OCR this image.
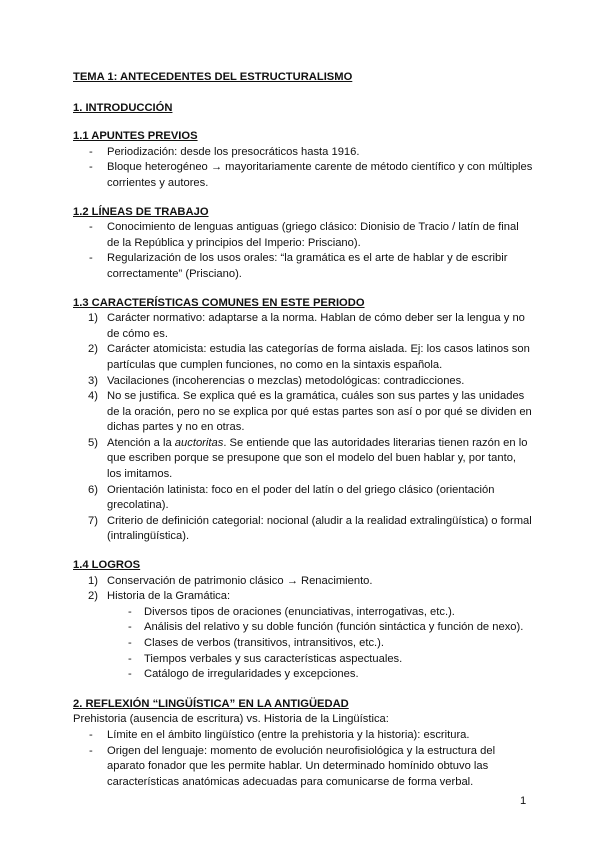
TEMA 1: ANTECEDENTES DEL ESTRUCTURALISMO
1. INTRODUCCIÓN
1.1 APUNTES PREVIOS
- Periodización: desde los presocráticos hasta 1916.
- Bloque heterogéneo → mayoritariamente carente de método científico y con múltiples corrientes y autores.
1.2 LÍNEAS DE TRABAJO
- Conocimiento de lenguas antiguas (griego clásico: Dionisio de Tracio / latín de final de la República y principios del Imperio: Prisciano).
- Regularización de los usos orales: “la gramática es el arte de hablar y de escribir correctamente” (Prisciano).
1.3 CARACTERÍSTICAS COMUNES EN ESTE PERIODO
1) Carácter normativo: adaptarse a la norma. Hablan de cómo deber ser la lengua y no de cómo es.
2) Carácter atomicista: estudia las categorías de forma aislada. Ej: los casos latinos son partículas que cumplen funciones, no como en la sintaxis española.
3) Vacilaciones (incoherencias o mezclas) metodológicas: contradicciones.
4) No se justifica. Se explica qué es la gramática, cuáles son sus partes y las unidades de la oración, pero no se explica por qué estas partes son así o por qué se dividen en dichas partes y no en otras.
5) Atención a la auctoritas. Se entiende que las autoridades literarias tienen razón en lo que escriben porque se presupone que son el modelo del buen hablar y, por tanto, los imitamos.
6) Orientación latinista: foco en el poder del latín o del griego clásico (orientación grecolatina).
7) Criterio de definición categorial: nocional (aludir a la realidad extralingüística) o formal (intralingüística).
1.4 LOGROS
1) Conservación de patrimonio clásico → Renacimiento.
2) Historia de la Gramática:
- Diversos tipos de oraciones (enunciativas, interrogativas, etc.).
- Análisis del relativo y su doble función (función sintáctica y función de nexo).
- Clases de verbos (transitivos, intransitivos, etc.).
- Tiempos verbales y sus características aspectuales.
- Catálogo de irregularidades y excepciones.
2. REFLEXIÓN “LINGÜÍSTICA” EN LA ANTIGÜEDAD
Prehistoria (ausencia de escritura) vs. Historia de la Lingüística:
- Límite en el ámbito lingüístico (entre la prehistoria y la historia): escritura.
- Origen del lenguaje: momento de evolución neurofisiológica y la estructura del aparato fonador que les permite hablar. Un determinado homínido obtuvo las características anatómicas adecuadas para comunicarse de forma verbal.
1
